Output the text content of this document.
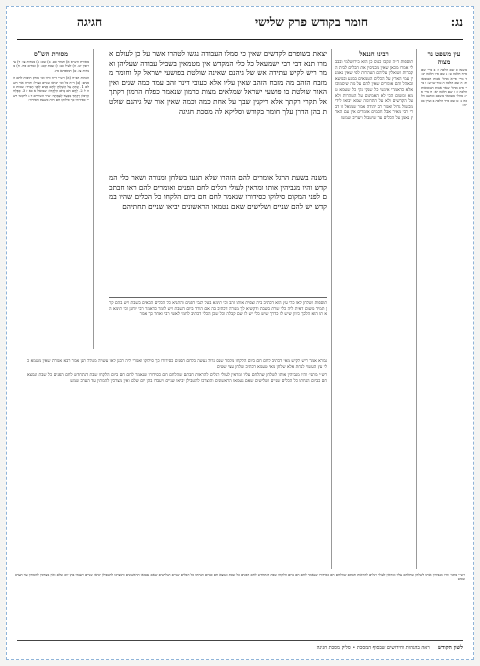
נג:
חומר בקודש פרק שלישי
חגיגה
עין משפט נר מצוה
משנה כ שם הלכה ו: ב מיי׳ שם פ״ח הלכה ט: ג שם פ״ו הלכה יב: ד מיי׳ פי״א מהל׳ אבות הטומאות: ה שם הלכה ה טור שו״ע: ו מיי׳ פ״ב מהל׳ שאר אבות הטומאות הלכה ז: ז שם הלכה יא: ח מיי׳ פ״ג מהל׳ מטמאי משכב ומושב הלכה ג: ט שם פ״ד הלכה ב ועיין בכ״מ:
רבינו חננאל
תוספות ד״ה ונקבו כנוס כן הוא בירושלמי ובבבלי אמרו מכאן שאין מכניסין את הכלים לבית הקברות ושואלין עליהם הטהרות לפי שאין נאמנין עמי הארץ על הכלים הטמאים במגע ובמשא ובאהל והם אומרים שאין להם על מה שיסמוכו אלא כדאמרי אינשי כל שנקי נקי כל שטמא טמא ומשום הכי לא האמינום על הטהרות ולא על הקדשים ולא על התרומה שמא יבואו לידי מכשול גדול ואמר רב יהודה אמר שמואל זו דברי רבי מאיר אבל חכמים אומרים אין עם הארץ נאמן על הכלים עד שיטבול ויעריב שמשו
יצאת בשופרם לקדשים שאין כי סמלו העבודה נגשו לטהרו אשר על כן לעולם אמרו תנא דבי רבי ישמעאל כל כלי המקדש אין מטמאין בשביל עבודה שעליהן ואמר ריש לקיש עתידה אש של גיהנם שאינה שולטת בפושעי ישראל קל וחומר ממזבח הזהב מה מזבח הזהב שאין עליו אלא כעובי דינר זהב עמד כמה שנים ואין האור שולטת בו פושעי ישראל שמלאים מצות כרמון שנאמר כפלח הרמון רקתך אל תקרי רקתך אלא ריקנין שבך על אחת כמה וכמה שאין אור של גיהנם שולטת בהן הדרן עלך חומר בקודש וסליקא לה מסכת חגיגה
משנה בשעת הרגל אומרים להם הזהרו שלא תגעו בשלחן ומנורה ושאר כלי המקדש והיו מגביהין אותו ומראין לעולי רגלים לחם הפנים ואומרים להם ראו חבתכם לפני המקום סילוקו כסידורו שנאמר לחם חם ביום הלקחו כל הכלים שהיו במקדש יש להם שניים ושלישים שאם נטמאו הראשונים יביאו שניים תחתיהם
תוספות ושלחן לאו כלי עץ הוא דכתיב ביה וצפית אותו זהב וכי תימא בטל לגבי דפנים והתניא כל הכלים הבאים בשבת ויש בהם קרן תמיד משום דאית ליה כלי שרת בשבת ודקשיא לך מנורה דכתיב בה אם הורד ביום השבת ויש לומר כדאמר רבי יוחנן וכי תימא הא תו הוא הלכך כיוון שיש לו כדרך שיש כלי יש לו שם קבלה וכל שכן הכלי דכתיב לחמי לאשי רבי ואחר כך אמר
גמרא אמר ריש לקיש מאי דכתיב לחם חם ביום הלקחו מלמד שנס גדול נעשה בלחם הפנים כסידורו כך סילוקו ואמרי ליה רבנן לאו עשויה מגולל תנן אמר רבא אמרת שאין מטמא כלי עץ העשוי לנחת אלא שלחן מאי טעמא דכתיב שלחן עצי שטים
רש״י מתני׳ והיו מגביהין אותו לשלחן שהלחם עליו ומראין לעולי רגלים להראות חבתם שהלחם חם כסידורו שנאמר לחם חם ביום הלקחו שבת דנתחדש לחם הפנים כל שבת ונמצא חם כביום הנחתו כל הכלים שניים ושלישים שאם נטמאו הראשונים והוצרכו להטבילן יביאו שניים ויעבדו בהן יום שלם ואין מצרכין להמתין עד הערב שמש
מסורת הש"ס
מסורת הש״ס א) תמיד כט. ב) שם: ג) מנחות צו: ד) עירובין יט. ה) לעיל כב: ו) שבת קכג: ז) זבחים פח. ח) מנחות צז. ט) תוספתא פ״ג
הגהות הב״ח (א) רש״י ד״ה והיו וכו׳ מחק תיבות לחם הפנים: (ב) ד״ה כל וכו׳ יביאו שניים כצ״ל: תורה אור השלם 1. וְנָתַתָּ עַל הַשֻּׁלְחָן לֶחֶם פָּנִים לְפָנַי תָּמִיד: שמות כה ל 2. לֶחֶם חֹם בְּיוֹם הִלָּקְחוֹ: שמואל א כא ז 3. כְּפֶלַח הָרִמּוֹן רַקָּתֵךְ מִבַּעַד לְצַמָּתֵךְ: שיר השירים ד ג ליקוטי רש״י כסידורו כך סילוקו חם היה כשעת הסידור:
רש״י מתני׳ והיו מגביהין אותו לשלחן שהלחם עליו ומראין לעולי רגלים להראות חבתם שהלחם חם כסידורו שנאמר לחם חם ביום הלקחו שבת דנתחדש לחם הפנים כל שבת ונמצא חם כביום הנחתו כל הכלים שניים ושלישים שאם נטמאו הראשונים והוצרכו להטבילן יביאו שניים ויעבדו בהן יום שלם ואין מצרכין להמתין עד הערב שמש
לשון הקודש
ראה בהגהות וחידושים שבסוף המסכת • סליק מסכת חגיגה
